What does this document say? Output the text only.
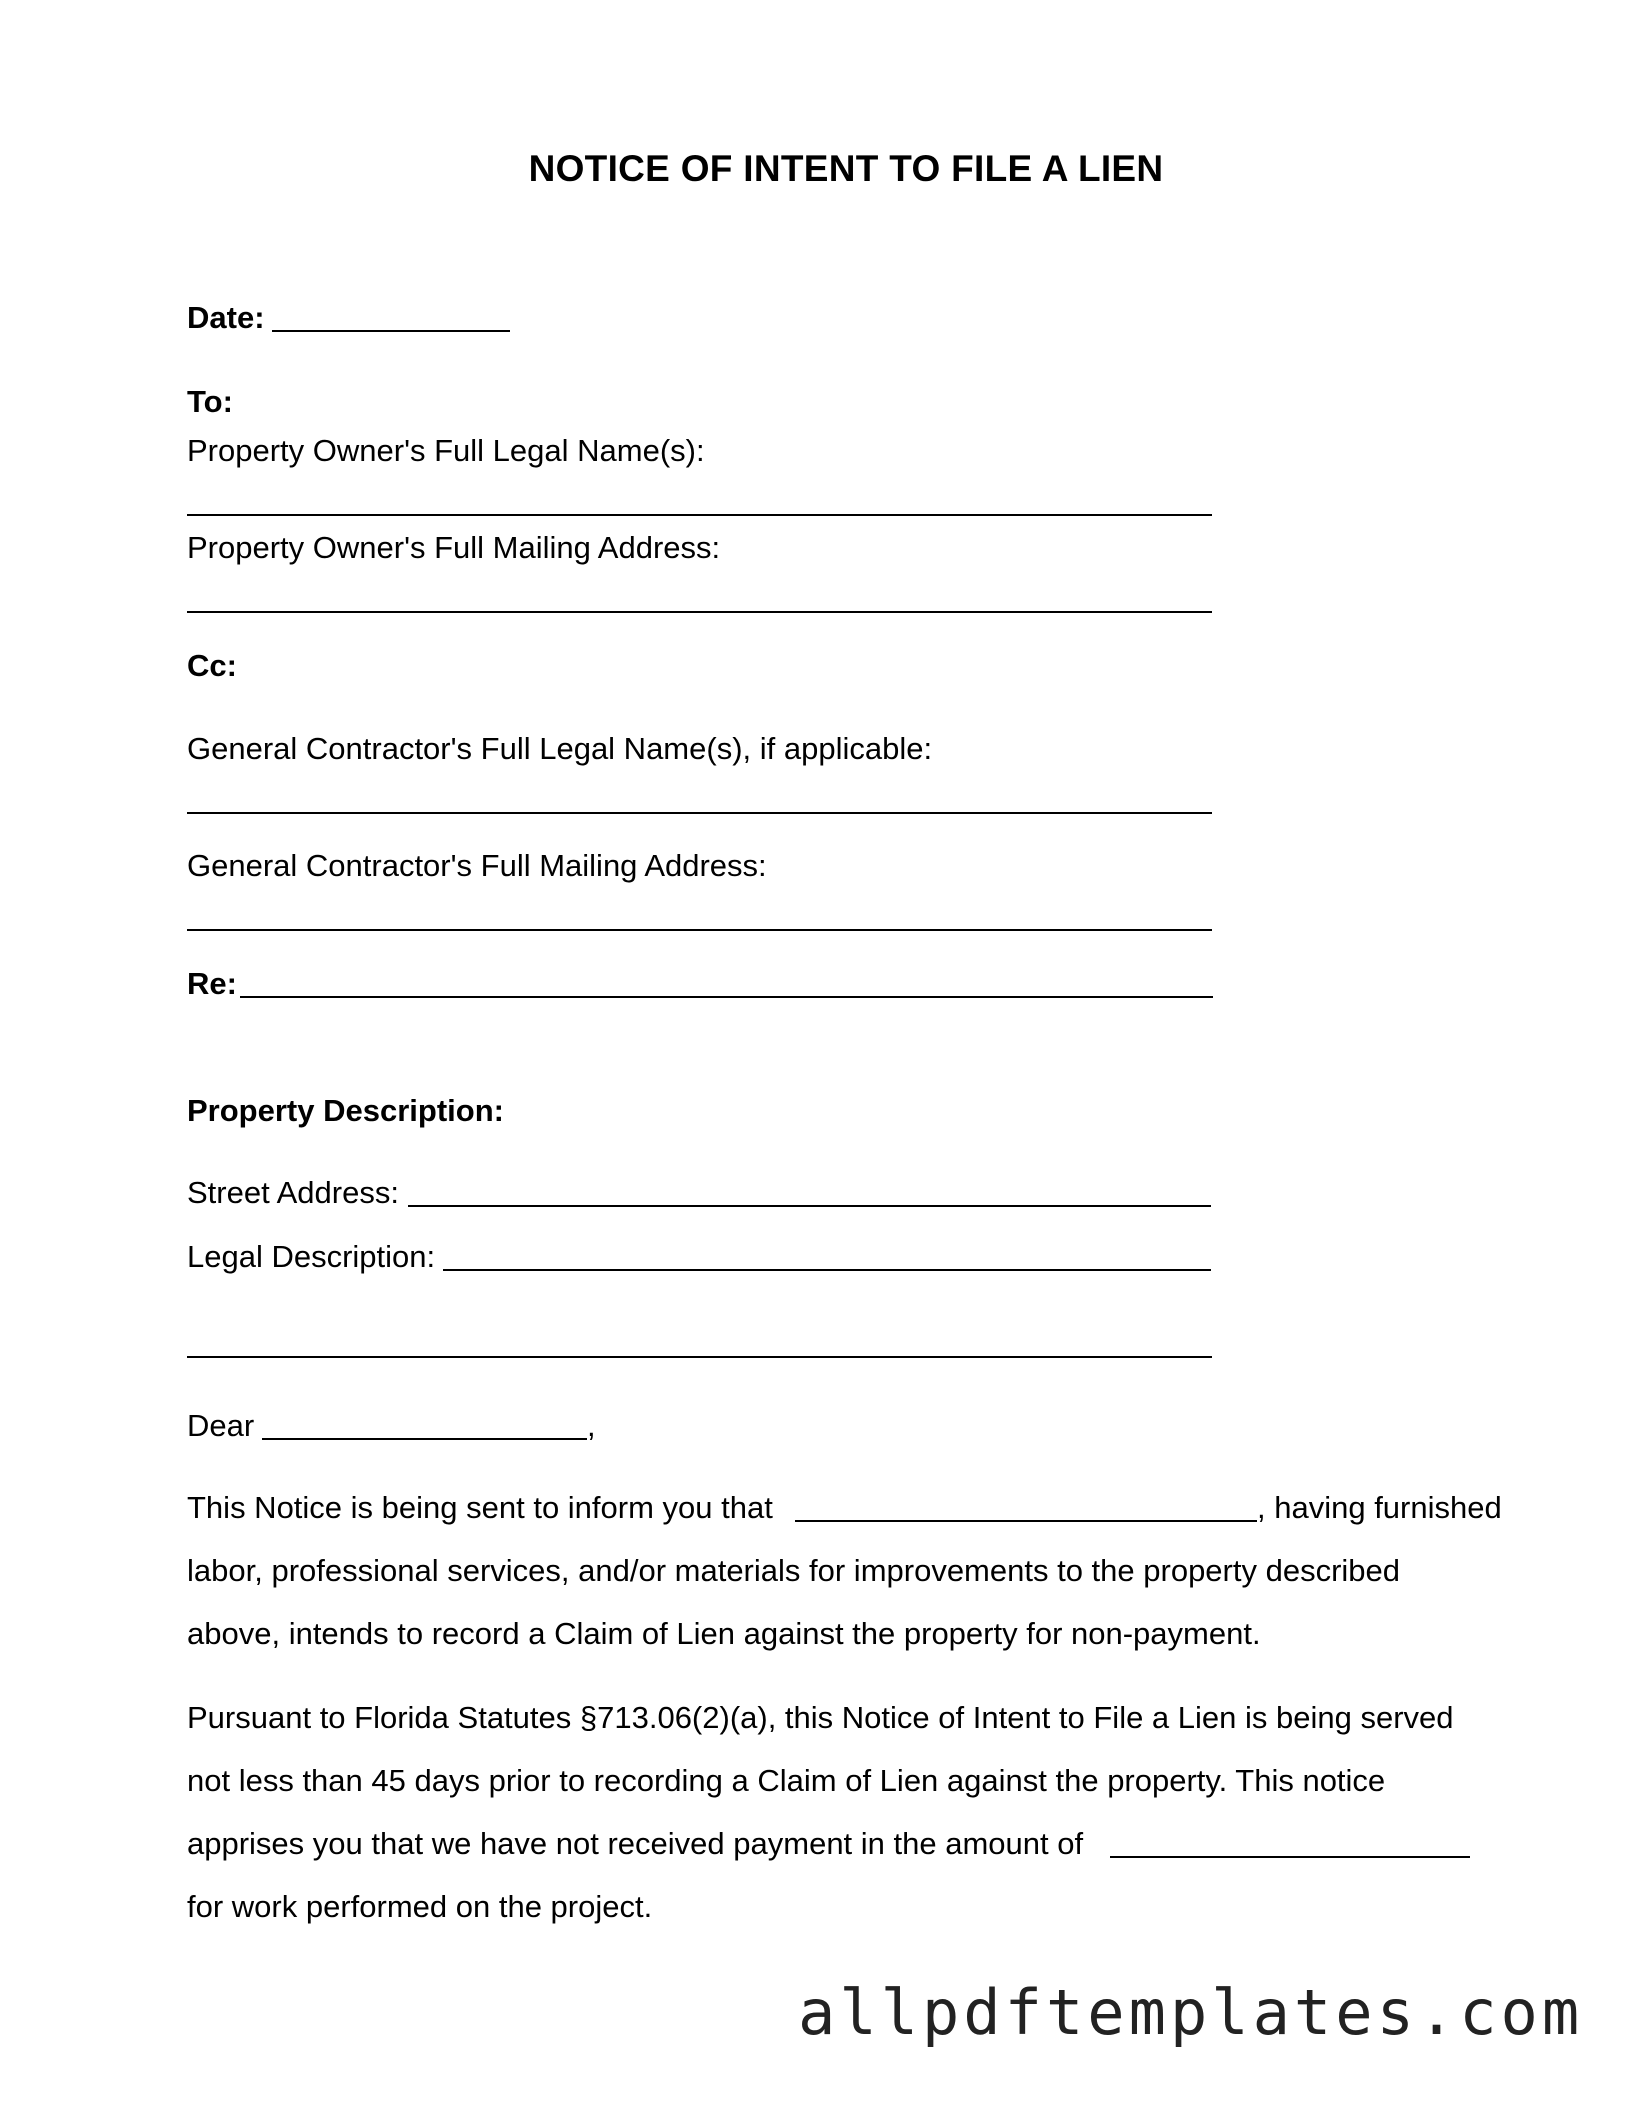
NOTICE OF INTENT TO FILE A LIEN
Date:
To:
Property Owner's Full Legal Name(s):
Property Owner's Full Mailing Address:
Cc:
General Contractor's Full Legal Name(s), if applicable:
General Contractor's Full Mailing Address:
Re:
Property Description:
Street Address:
Legal Description:
Dear	,
This Notice is being sent to inform you that	, having furnished
labor, professional services, and/or materials for improvements to the property described
above, intends to record a Claim of Lien against the property for non-payment.
Pursuant to Florida Statutes §713.06(2)(a), this Notice of Intent to File a Lien is being served
not less than 45 days prior to recording a Claim of Lien against the property. This notice
apprises you that we have not received payment in the amount of
for work performed on the project.
allpdftemplates.com
